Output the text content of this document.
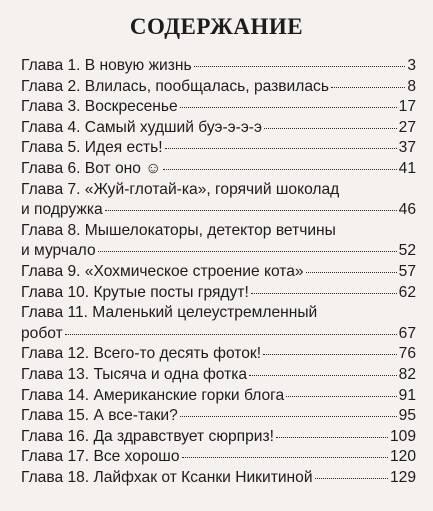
СОДЕРЖАНИЕ
Глава 1. В новую жизнь	3
Глава 2. Влилась, пообщалась, развилась	8
Глава 3. Воскресенье	17
Глава 4. Самый худший буэ-э-э-э	27
Глава 5. Идея есть!	37
Глава 6. Вот оно ☺	41
Глава 7. «Жуй-глотай-ка», горячий шоколад
и подружка	46
Глава 8. Мышелокаторы, детектор ветчины
и мурчало	52
Глава 9. «Хохмическое строение кота»	57
Глава 10. Крутые посты грядут!	62
Глава 11. Маленький целеустремленный
робот	67
Глава 12. Всего-то десять фоток!	76
Глава 13. Тысяча и одна фотка	82
Глава 14. Американские горки блога	91
Глава 15. А все-таки?	95
Глава 16. Да здравствует сюрприз!	109
Глава 17. Все хорошо	120
Глава 18. Лайфхак от Ксанки Никитиной	129
